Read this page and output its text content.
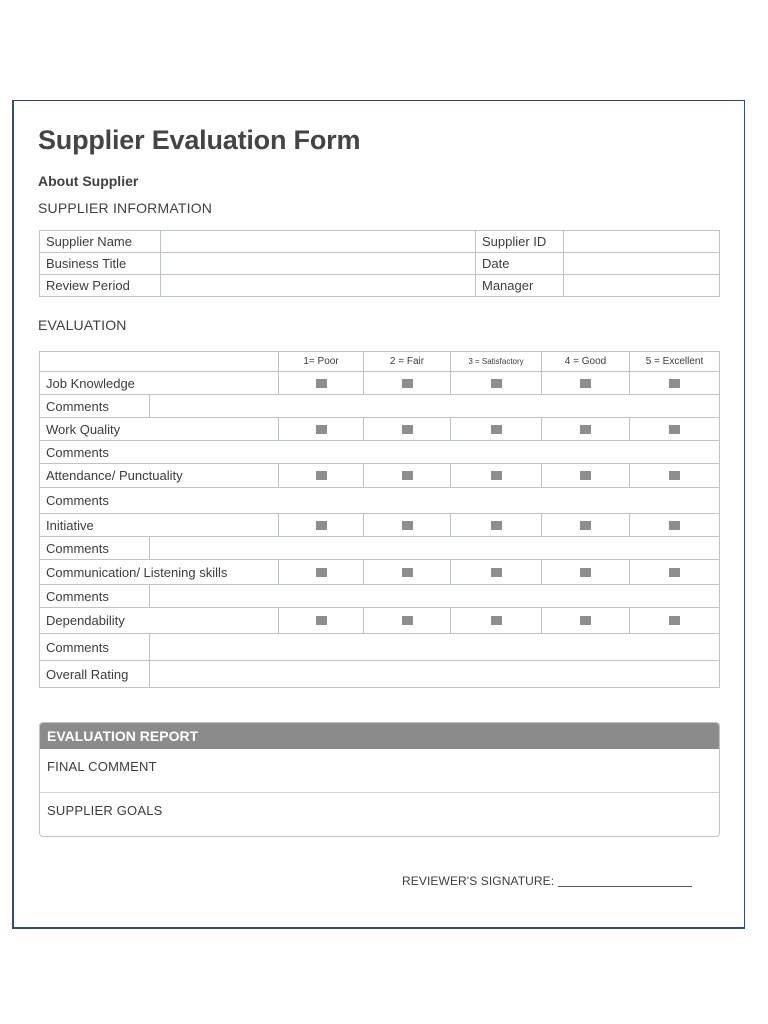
Supplier Evaluation Form
About Supplier
SUPPLIER INFORMATION
Supplier Name		Supplier ID	
Business Title		Date	
Review Period		Manager	
EVALUATION
		1= Poor	2 = Fair	3 = Satisfactory	4 = Good	5 = Excellent
Job Knowledge						
Comments						
Work Quality						
Comments						
Attendance/ Punctuality						
Comments						
Initiative						
Comments						
Communication/ Listening skills						
Comments						
Dependability						
Comments						
Overall Rating						
EVALUATION REPORT
FINAL COMMENT
SUPPLIER GOALS
REVIEWER'S SIGNATURE:
